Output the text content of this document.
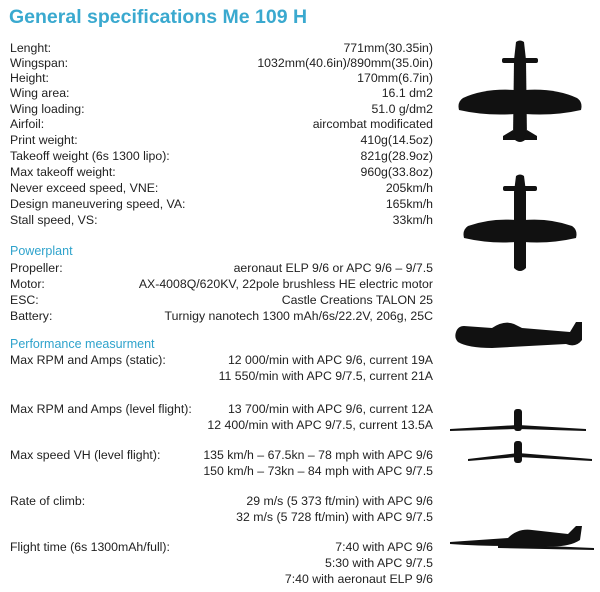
General specifications Me 109 H
Lenght:	771mm(30.35in)
Wingspan:	1032mm(40.6in)/890mm(35.0in)
Height:	170mm(6.7in)
Wing area:	16.1 dm2
Wing loading:	51.0 g/dm2
Airfoil:	aircombat modificated
Print weight:	410g(14.5oz)
Takeoff weight (6s 1300 lipo):	821g(28.9oz)
Max takeoff weight:	960g(33.8oz)
Never exceed speed, VNE:	205km/h
Design maneuvering speed, VA:	165km/h
Stall speed, VS:	33km/h
Powerplant
Propeller:	aeronaut ELP 9/6 or APC 9/6 – 9/7.5
Motor:	AX-4008Q/620KV, 22pole brushless HE electric motor
ESC:	Castle Creations TALON 25
Battery:	Turnigy nanotech 1300 mAh/6s/22.2V, 206g, 25C
Performance measurment
Max RPM and Amps (static):	12 000/min with APC 9/6, current 19A
11 550/min with APC 9/7.5, current 21A
Max RPM and Amps (level flight):	13 700/min with APC 9/6, current 12A
12 400/min with APC 9/7.5, current 13.5A
Max speed VH (level flight):	135 km/h – 67.5kn – 78 mph with APC 9/6
150 km/h – 73kn – 84 mph with APC 9/7.5
Rate of climb:	29 m/s (5 373 ft/min) with APC 9/6
32 m/s (5 728 ft/min) with APC 9/7.5
Flight time (6s 1300mAh/full):	7:40 with APC 9/6
5:30 with APC 9/7.5
7:40 with aeronaut ELP 9/6
